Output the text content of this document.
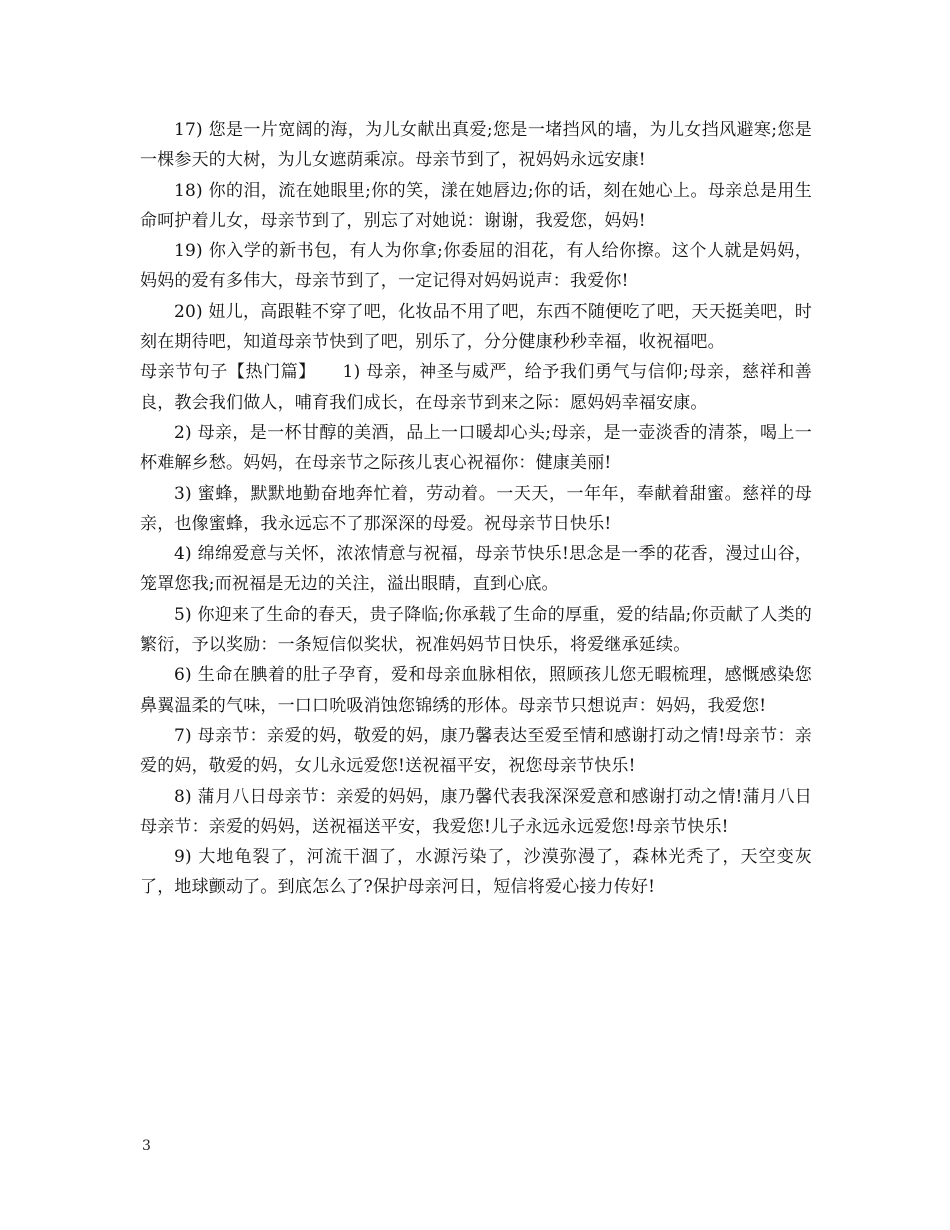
17) 您是一片宽阔的海，为儿女献出真爱;您是一堵挡风的墙，为儿女挡风避寒;您是一棵参天的大树，为儿女遮荫乘凉。母亲节到了，祝妈妈永远安康!

18) 你的泪，流在她眼里;你的笑，漾在她唇边;你的话，刻在她心上。母亲总是用生命呵护着儿女，母亲节到了，别忘了对她说：谢谢，我爱您，妈妈!

19) 你入学的新书包，有人为你拿;你委屈的泪花，有人给你擦。这个人就是妈妈，妈妈的爱有多伟大，母亲节到了，一定记得对妈妈说声：我爱你!

20) 妞儿，高跟鞋不穿了吧，化妆品不用了吧，东西不随便吃了吧，天天挺美吧，时刻在期待吧，知道母亲节快到了吧，别乐了，分分健康秒秒幸福，收祝福吧。

母亲节句子【热门篇】　　1) 母亲，神圣与威严，给予我们勇气与信仰;母亲，慈祥和善良，教会我们做人，哺育我们成长，在母亲节到来之际：愿妈妈幸福安康。

2) 母亲，是一杯甘醇的美酒，品上一口暖却心头;母亲，是一壶淡香的清茶，喝上一杯难解乡愁。妈妈，在母亲节之际孩儿衷心祝福你：健康美丽!

3) 蜜蜂，默默地勤奋地奔忙着，劳动着。一天天，一年年，奉献着甜蜜。慈祥的母亲，也像蜜蜂，我永远忘不了那深深的母爱。祝母亲节日快乐!

4) 绵绵爱意与关怀，浓浓情意与祝福，母亲节快乐!思念是一季的花香，漫过山谷，笼罩您我;而祝福是无边的关注，溢出眼睛，直到心底。

5) 你迎来了生命的春天，贵子降临;你承载了生命的厚重，爱的结晶;你贡献了人类的繁衍，予以奖励：一条短信似奖状，祝准妈妈节日快乐，将爱继承延续。

6) 生命在腆着的肚子孕育，爱和母亲血脉相依，照顾孩儿您无暇梳理，感慨感染您鼻翼温柔的气味，一口口吮吸消蚀您锦绣的形体。母亲节只想说声：妈妈，我爱您!

7) 母亲节：亲爱的妈，敬爱的妈，康乃馨表达至爱至情和感谢打动之情!母亲节：亲爱的妈，敬爱的妈，女儿永远爱您!送祝福平安，祝您母亲节快乐!

8) 蒲月八日母亲节：亲爱的妈妈，康乃馨代表我深深爱意和感谢打动之情!蒲月八日母亲节：亲爱的妈妈，送祝福送平安，我爱您!儿子永远永远爱您!母亲节快乐!

9) 大地龟裂了，河流干涸了，水源污染了，沙漠弥漫了，森林光秃了，天空变灰了，地球颤动了。到底怎么了?保护母亲河日，短信将爱心接力传好!

3
